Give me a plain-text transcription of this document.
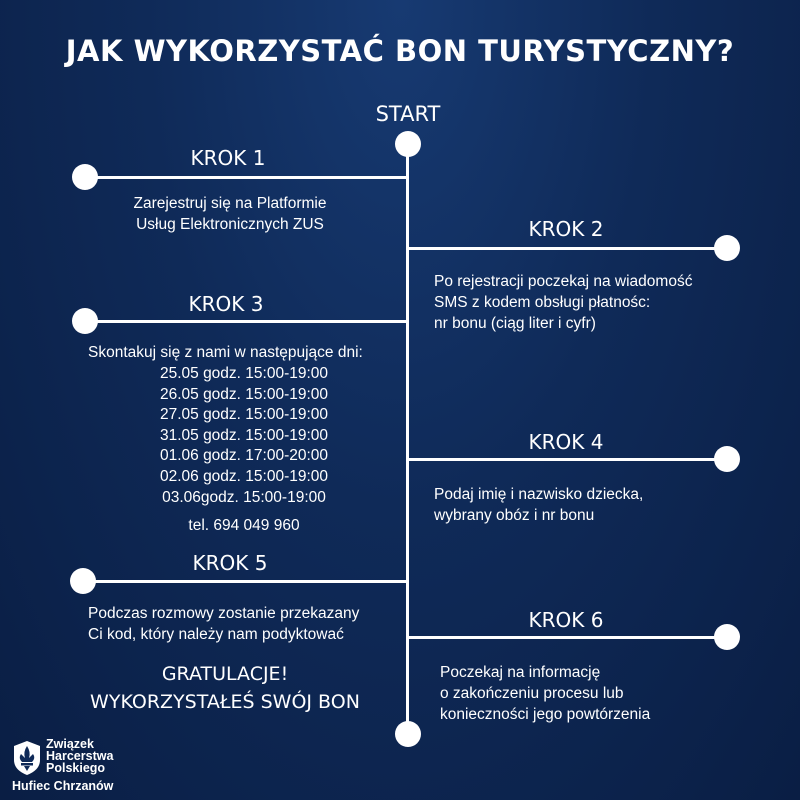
JAK WYKORZYSTAĆ BON TURYSTYCZNY?
START
KROK 1
Zarejestruj się na Platformie
Usług Elektronicznych ZUS	KROK 2
Po rejestracji poczekaj na wiadomość
SMS z kodem obsługi płatnośc:
nr bonu (ciąg liter i cyfr)
KROK 3
Skontakuj się z nami w następujące dni:
25.05 godz. 15:00-19:00
26.05 godz. 15:00-19:00
27.05 godz. 15:00-19:00
31.05 godz. 15:00-19:00
01.06 godz. 17:00-20:00
02.06 godz. 15:00-19:00
03.06godz. 15:00-19:00
tel. 694 049 960
KROK 4
Podaj imię i nazwisko dziecka,
wybrany obóz i nr bonu
KROK 5
Podczas rozmowy zostanie przekazany
Ci kod, który należy nam podyktować
KROK 6
Poczekaj na informację
o zakończeniu procesu lub
konieczności jego powtórzenia
GRATULACJE!
WYKORZYSTAŁEŚ SWÓJ BON
Związek
Harcerstwa
Polskiego
Hufiec Chrzanów
